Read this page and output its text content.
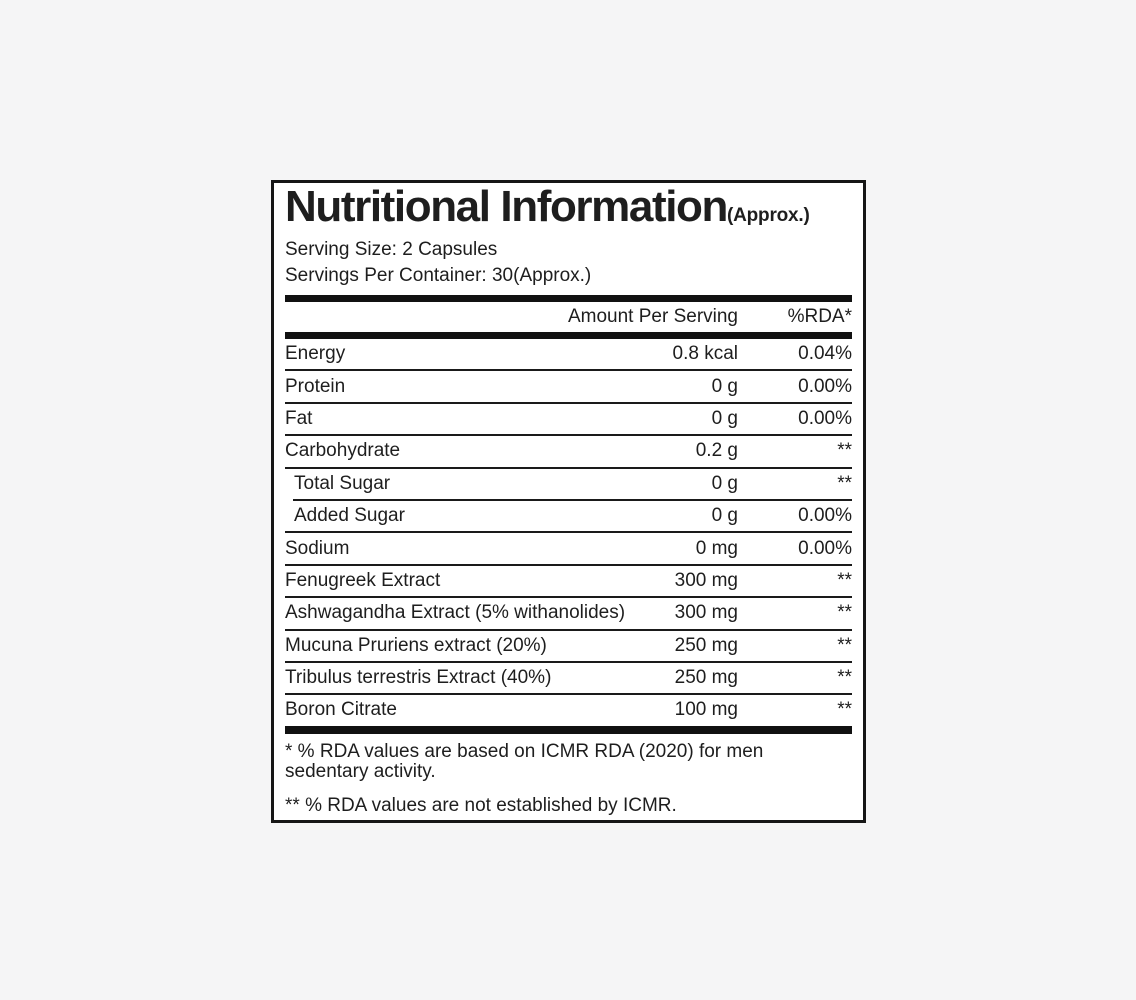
Nutritional Information (Approx.)
Serving Size: 2 Capsules
Servings Per Container: 30(Approx.)
Amount Per Serving	%RDA*
Energy	0.8 kcal	0.04%
Protein	0 g	0.00%
Fat	0 g	0.00%
Carbohydrate	0.2 g	**
Total Sugar	0 g	**
Added Sugar	0 g	0.00%
Sodium	0 mg	0.00%
Fenugreek Extract	300 mg	**
Ashwagandha Extract (5% withanolides)	300 mg	**
Mucuna Pruriens extract (20%)	250 mg	**
Tribulus terrestris Extract (40%)	250 mg	**
Boron Citrate	100 mg	**

* % RDA values are based on ICMR RDA (2020) for men sedentary activity.

** % RDA values are not established by ICMR.
